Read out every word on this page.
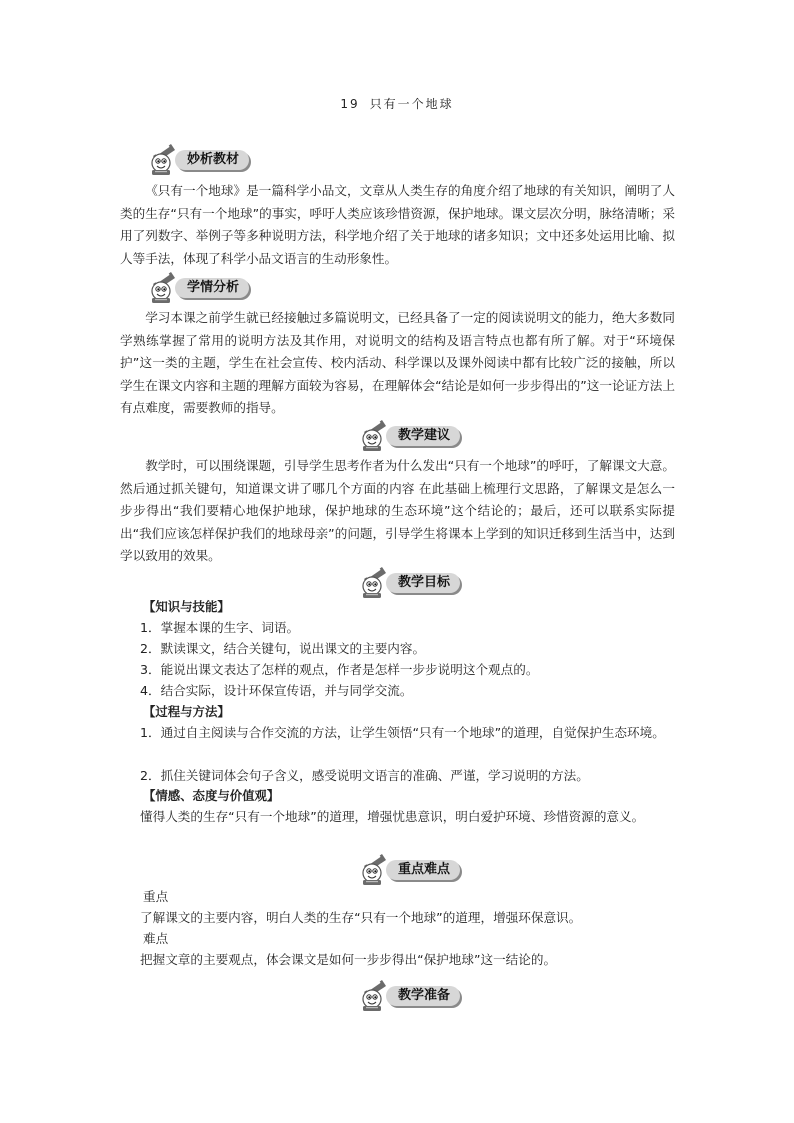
19 只有一个地球
妙析教材

《只有一个地球》是一篇科学小品文，文章从人类生存的角度介绍了地球的有关知识，阐明了人类的生存“只有一个地球”的事实，呼吁人类应该珍惜资源，保护地球。课文层次分明，脉络清晰；采用了列数字、举例子等多种说明方法，科学地介绍了关于地球的诸多知识；文中还多处运用比喻、拟人等手法，体现了科学小品文语言的生动形象性。

学情分析

学习本课之前学生就已经接触过多篇说明文，已经具备了一定的阅读说明文的能力，绝大多数同学熟练掌握了常用的说明方法及其作用，对说明文的结构及语言特点也都有所了解。对于“环境保护”这一类的主题，学生在社会宣传、校内活动、科学课以及课外阅读中都有比较广泛的接触，所以学生在课文内容和主题的理解方面较为容易，在理解体会“结论是如何一步步得出的”这一论证方法上有点难度，需要教师的指导。

教学建议

教学时，可以围绕课题，引导学生思考作者为什么发出“只有一个地球”的呼吁，了解课文大意。然后通过抓关键句，知道课文讲了哪几个方面的内容 在此基础上梳理行文思路，了解课文是怎么一步步得出“我们要精心地保护地球，保护地球的生态环境”这个结论的；最后，还可以联系实际提出“我们应该怎样保护我们的地球母亲”的问题，引导学生将课本上学到的知识迁移到生活当中，达到学以致用的效果。

教学目标

【知识与技能】

1．掌握本课的生字、词语。

2．默读课文，结合关键句，说出课文的主要内容。

3．能说出课文表达了怎样的观点，作者是怎样一步步说明这个观点的。

4．结合实际，设计环保宣传语，并与同学交流。

【过程与方法】

1．通过自主阅读与合作交流的方法，让学生领悟“只有一个地球”的道理，自觉保护生态环境。

2．抓住关键词体会句子含义，感受说明文语言的准确、严谨，学习说明的方法。

【情感、态度与价值观】

懂得人类的生存“只有一个地球”的道理，增强忧患意识，明白爱护环境、珍惜资源的意义。

重点难点

重点

了解课文的主要内容，明白人类的生存“只有一个地球”的道理，增强环保意识。

难点

把握文章的主要观点，体会课文是如何一步步得出“保护地球”这一结论的。

教学准备
